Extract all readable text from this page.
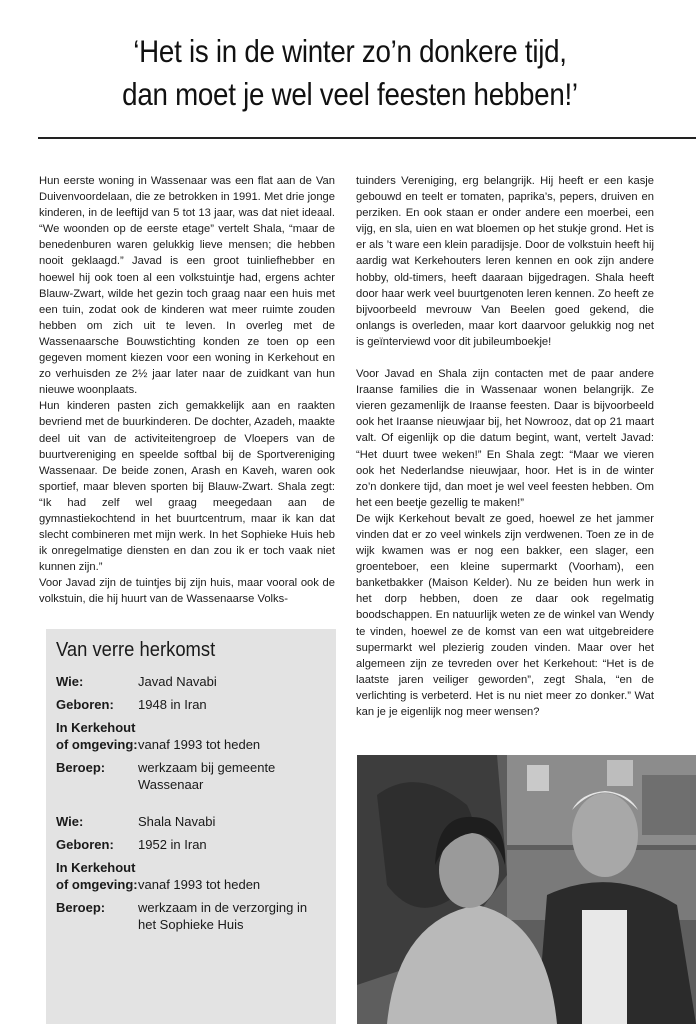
‘Het is in de winter zo’n donkere tijd,
dan moet je wel veel feesten hebben!’

Hun eerste woning in Wassenaar was een flat aan de Van Duivenvoordelaan, die ze betrokken in 1991. Met drie jonge kinderen, in de leeftijd van 5 tot 13 jaar, was dat niet ideaal. “We woonden op de eerste etage” vertelt Shala, “maar de benedenburen waren gelukkig lieve mensen; die hebben nooit geklaagd.” Javad is een groot tuinliefhebber en hoewel hij ook toen al een volkstuintje had, ergens achter Blauw-Zwart, wilde het gezin toch graag naar een huis met een tuin, zodat ook de kinderen wat meer ruimte zouden hebben om zich uit te leven. In overleg met de Wassenaarsche Bouwstichting konden ze toen op een gegeven moment kiezen voor een woning in Kerkehout en zo verhuisden ze 2½ jaar later naar de zuidkant van hun nieuwe woonplaats.

Hun kinderen pasten zich gemakkelijk aan en raakten bevriend met de buurkinderen. De dochter, Azadeh, maakte deel uit van de activiteitengroep de Vloepers van de buurtvereniging en speelde softbal bij de Sportvereniging Wassenaar. De beide zonen, Arash en Kaveh, waren ook sportief, maar bleven sporten bij Blauw-Zwart. Shala zegt: “Ik had zelf wel graag meegedaan aan de gymnastiekochtend in het buurtcentrum, maar ik kan dat slecht combineren met mijn werk. In het Sophieke Huis heb ik onregelmatige diensten en dan zou ik er toch vaak niet kunnen zijn.”

Voor Javad zijn de tuintjes bij zijn huis, maar vooral ook de volkstuin, die hij huurt van de Wassenaarse Volks-

tuinders Vereniging, erg belangrijk. Hij heeft er een kasje gebouwd en teelt er tomaten, paprika’s, pepers, druiven en perziken. En ook staan er onder andere een moerbei, een vijg, en sla, uien en wat bloemen op het stukje grond. Het is er als ’t ware een klein paradijsje. Door de volkstuin heeft hij aardig wat Kerkehouters leren kennen en ook zijn andere hobby, old-timers, heeft daaraan bijgedragen. Shala heeft door haar werk veel buurtgenoten leren kennen. Zo heeft ze bijvoorbeeld mevrouw Van Beelen goed gekend, die onlangs is overleden, maar kort daarvoor gelukkig nog net is geïnterviewd voor dit jubileumboekje!

Voor Javad en Shala zijn contacten met de paar andere Iraanse families die in Wassenaar wonen belangrijk. Ze vieren gezamenlijk de Iraanse feesten. Daar is bijvoorbeeld ook het Iraanse nieuwjaar bij, het Nowrooz, dat op 21 maart valt. Of eigenlijk op die datum begint, want, vertelt Javad: “Het duurt twee weken!” En Shala zegt: “Maar we vieren ook het Nederlandse nieuwjaar, hoor. Het is in de winter zo’n donkere tijd, dan moet je wel veel feesten hebben. Om het een beetje gezellig te maken!”

De wijk Kerkehout bevalt ze goed, hoewel ze het jammer vinden dat er zo veel winkels zijn verdwenen. Toen ze in de wijk kwamen was er nog een bakker, een slager, een groenteboer, een kleine supermarkt (Voorham), een banketbakker (Maison Kelder). Nu ze beiden hun werk in het dorp hebben, doen ze daar ook regelmatig boodschappen. En natuurlijk weten ze de winkel van Wendy te vinden, hoewel ze de komst van een wat uitgebreidere supermarkt wel plezierig zouden vinden. Maar over het algemeen zijn ze tevreden over het Kerkehout: “Het is de laatste jaren veiliger geworden”, zegt Shala, “en de verlichting is verbeterd. Het is nu niet meer zo donker.” Wat kan je je eigenlijk nog meer wensen?

Van verre herkomst
Wie:	Javad Navabi
Geboren:	1948 in Iran
In Kerkehout
of omgeving: vanaf 1993 tot heden
Beroep:	werkzaam bij gemeente Wassenaar
Wie:	Shala Navabi
Geboren:	1952 in Iran
In Kerkehout
of omgeving: vanaf 1993 tot heden
Beroep:	werkzaam in de verzorging in het Sophieke Huis
